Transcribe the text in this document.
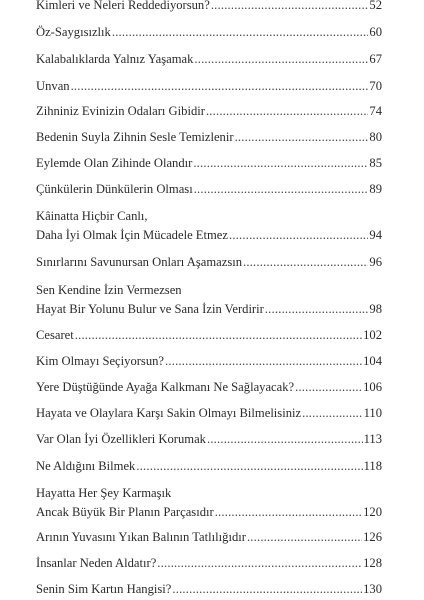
Kimleri ve Neleri Reddediyorsun? .....	52
Öz-Saygısızlık .....	60
Kalabalıklarda Yalnız Yaşamak .....	67
Unvan .....	70
Zihniniz Evinizin Odaları Gibidir .....	74
Bedenin Suyla Zihnin Sesle Temizlenir .....	80
Eylemde Olan Zihinde Olandır .....	85
Çünkülerin Dünkülerin Olması .....	89
Kâinatta Hiçbir Canlı,
Daha İyi Olmak İçin Mücadele Etmez .....	94
Sınırlarını Savunursan Onları Aşamazsın .....	96
Sen Kendine İzin Vermezsen
Hayat Bir Yolunu Bulur ve Sana İzin Verdirir .....	98
Cesaret .....	102
Kim Olmayı Seçiyorsun? .....	104
Yere Düştüğünde Ayağa Kalkmanı Ne Sağlayacak? .....	106
Hayata ve Olaylara Karşı Sakin Olmayı Bilmelisiniz .....	110
Var Olan İyi Özellikleri Korumak .....	113
Ne Aldığını Bilmek .....	118
Hayatta Her Şey Karmaşık
Ancak Büyük Bir Planın Parçasıdır .....	120
Arının Yuvasını Yıkan Balının Tatlılığıdır .....	126
İnsanlar Neden Aldatır? .....	128
Senin Sim Kartın Hangisi? .....	130
